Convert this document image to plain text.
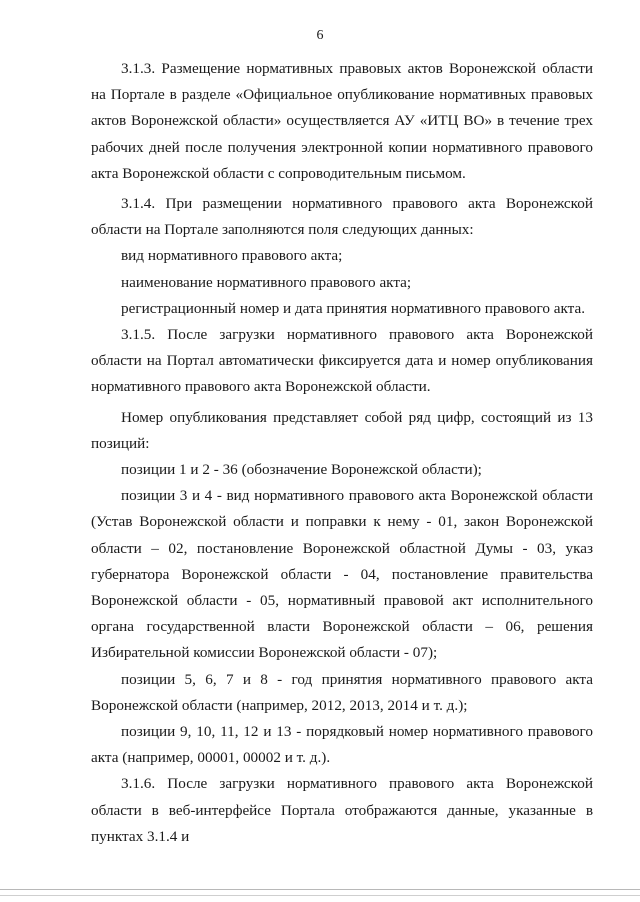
6

3.1.3. Размещение нормативных правовых актов Воронежской области на Портале в разделе «Официальное опубликование нормативных правовых актов Воронежской области» осуществляется АУ «ИТЦ ВО» в течение трех рабочих дней после получения электронной копии нормативного правового акта Воронежской области с сопроводительным письмом.

3.1.4. При размещении нормативного правового акта Воронежской области на Портале заполняются поля следующих данных:

вид нормативного правового акта;

наименование нормативного правового акта;

регистрационный номер и дата принятия нормативного правового акта.

3.1.5. После загрузки нормативного правового акта Воронежской области на Портал автоматически фиксируется дата и номер опубликования нормативного правового акта Воронежской области.

Номер опубликования представляет собой ряд цифр, состоящий из 13 позиций:

позиции 1 и 2 - 36 (обозначение Воронежской области);

позиции 3 и 4 - вид нормативного правового акта Воронежской области (Устав Воронежской области и поправки к нему - 01, закон Воронежской области – 02, постановление Воронежской областной Думы - 03, указ губернатора Воронежской области - 04, постановление правительства Воронежской области - 05, нормативный правовой акт исполнительного органа государственной власти Воронежской области – 06, решения Избирательной комиссии Воронежской области - 07);

позиции 5, 6, 7 и 8 - год принятия нормативного правового акта Воронежской области (например, 2012, 2013, 2014 и т. д.);

позиции 9, 10, 11, 12 и 13 - порядковый номер нормативного правового акта (например, 00001, 00002 и т. д.).

3.1.6. После загрузки нормативного правового акта Воронежской области в веб-интерфейсе Портала отображаются данные, указанные в пунктах 3.1.4 и
